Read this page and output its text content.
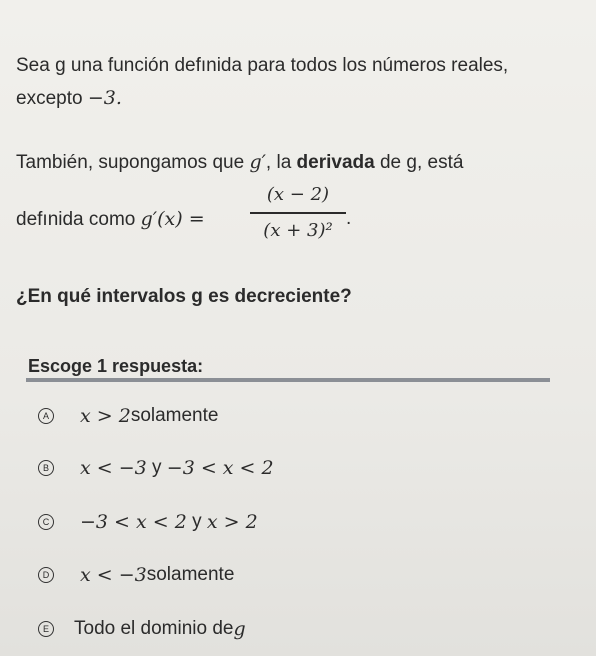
Sea g una función defınida para todos los números reales,
excepto −3.
También, supongamos que g′, la derivada de g, está
defınida como g′(x) =
(x − 2)
(x + 3)²
.
¿En qué intervalos g es decreciente?
Escoge 1 respuesta:
A x > 2 solamente
B x < −3 y −3 < x < 2
C −3 < x < 2 y x > 2
D x < −3 solamente
E Todo el dominio de g
